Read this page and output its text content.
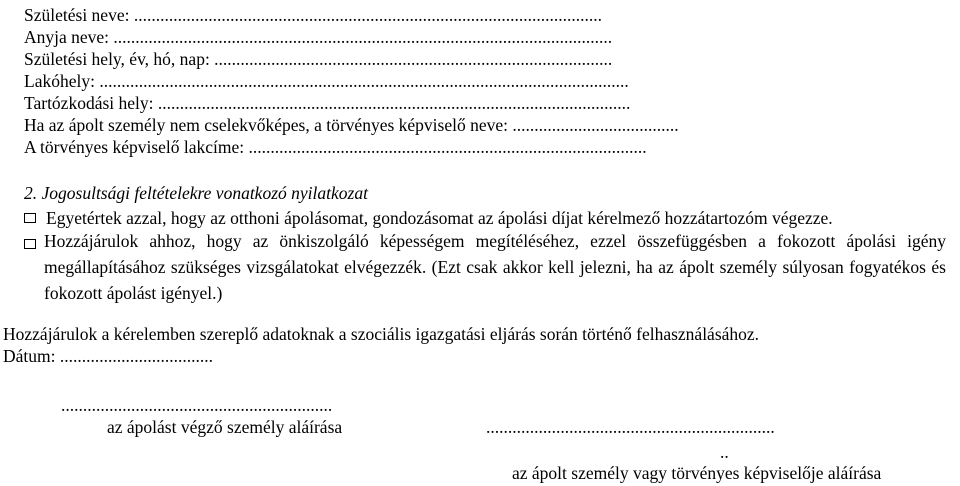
Születési neve: ...........................................................................................................
Anyja neve: ..................................................................................................................
Születési hely, év, hó, nap: ...........................................................................................
Lakóhely: .........................................................................................................................
Tartózkodási hely: ............................................................................................................
Ha az ápolt személy nem cselekvőképes, a törvényes képviselő neve: ......................................
A törvényes képviselő lakcíme: ...........................................................................................
2. Jogosultsági feltételekre vonatkozó nyilatkozat
Egyetértek azzal, hogy az otthoni ápolásomat, gondozásomat az ápolási díjat kérelmező hozzátartozóm végezze.
Hozzájárulok ahhoz, hogy az önkiszolgáló képességem megítéléséhez, ezzel összefüggésben a fokozott ápolási igény megállapításához szükséges vizsgálatokat elvégezzék. (Ezt csak akkor kell jelezni, ha az ápolt személy súlyosan fogyatékos és fokozott ápolást igényel.)
Hozzájárulok a kérelemben szereplő adatoknak a szociális igazgatási eljárás során történő felhasználásához.
Dátum: ...................................
..............................................................
az ápolást végző személy aláírása	..................................................................
..
az ápolt személy vagy törvényes képviselője aláírása
